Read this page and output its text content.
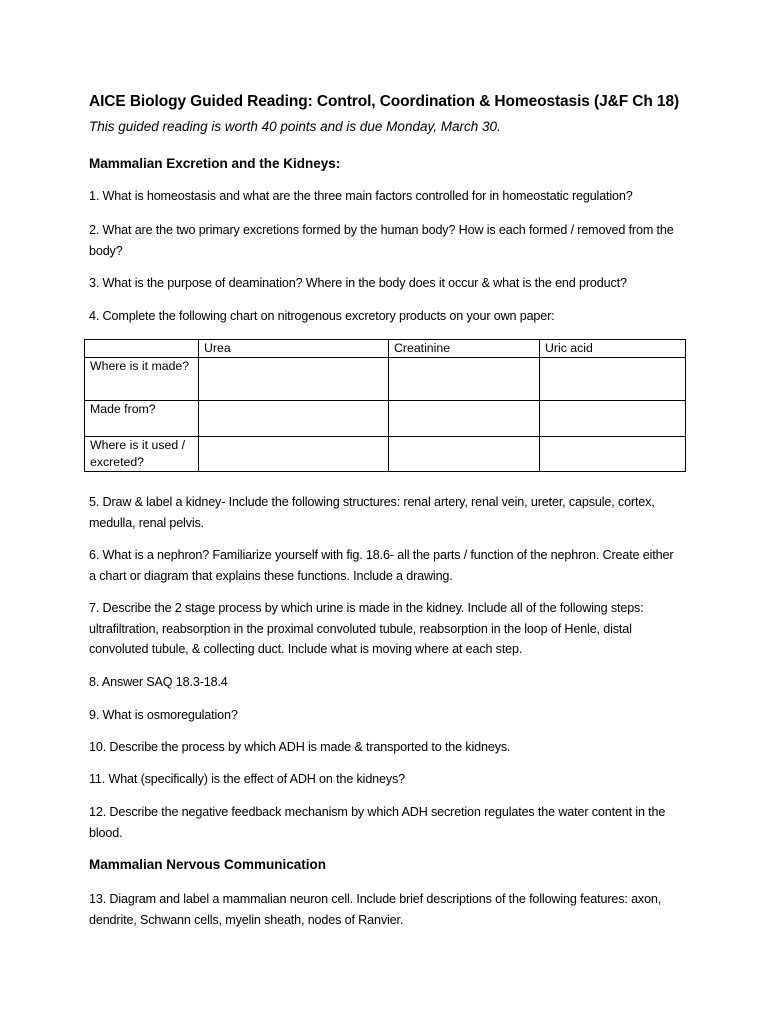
AICE Biology Guided Reading: Control, Coordination & Homeostasis (J&F Ch 18)
This guided reading is worth 40 points and is due Monday, March 30.
Mammalian Excretion and the Kidneys:
1. What is homeostasis and what are the three main factors controlled for in homeostatic regulation?
2. What are the two primary excretions formed by the human body? How is each formed / removed from the body?
3. What is the purpose of deamination? Where in the body does it occur & what is the end product?
4. Complete the following chart on nitrogenous excretory products on your own paper:
5. Draw & label a kidney- Include the following structures: renal artery, renal vein, ureter, capsule, cortex, medulla, renal pelvis.
6. What is a nephron? Familiarize yourself with fig. 18.6- all the parts / function of the nephron. Create either a chart or diagram that explains these functions. Include a drawing.
7. Describe the 2 stage process by which urine is made in the kidney. Include all of the following steps: ultrafiltration, reabsorption in the proximal convoluted tubule, reabsorption in the loop of Henle, distal convoluted tubule, & collecting duct. Include what is moving where at each step.
8. Answer SAQ 18.3-18.4
9. What is osmoregulation?
10. Describe the process by which ADH is made & transported to the kidneys.
11. What (specifically) is the effect of ADH on the kidneys?
12. Describe the negative feedback mechanism by which ADH secretion regulates the water content in the blood.
Mammalian Nervous Communication
13. Diagram and label a mammalian neuron cell. Include brief descriptions of the following features: axon, dendrite, Schwann cells, myelin sheath, nodes of Ranvier.
	Urea	Creatinine	Uric acid
Where is it made?			
Made from?			
Where is it used / excreted?			
